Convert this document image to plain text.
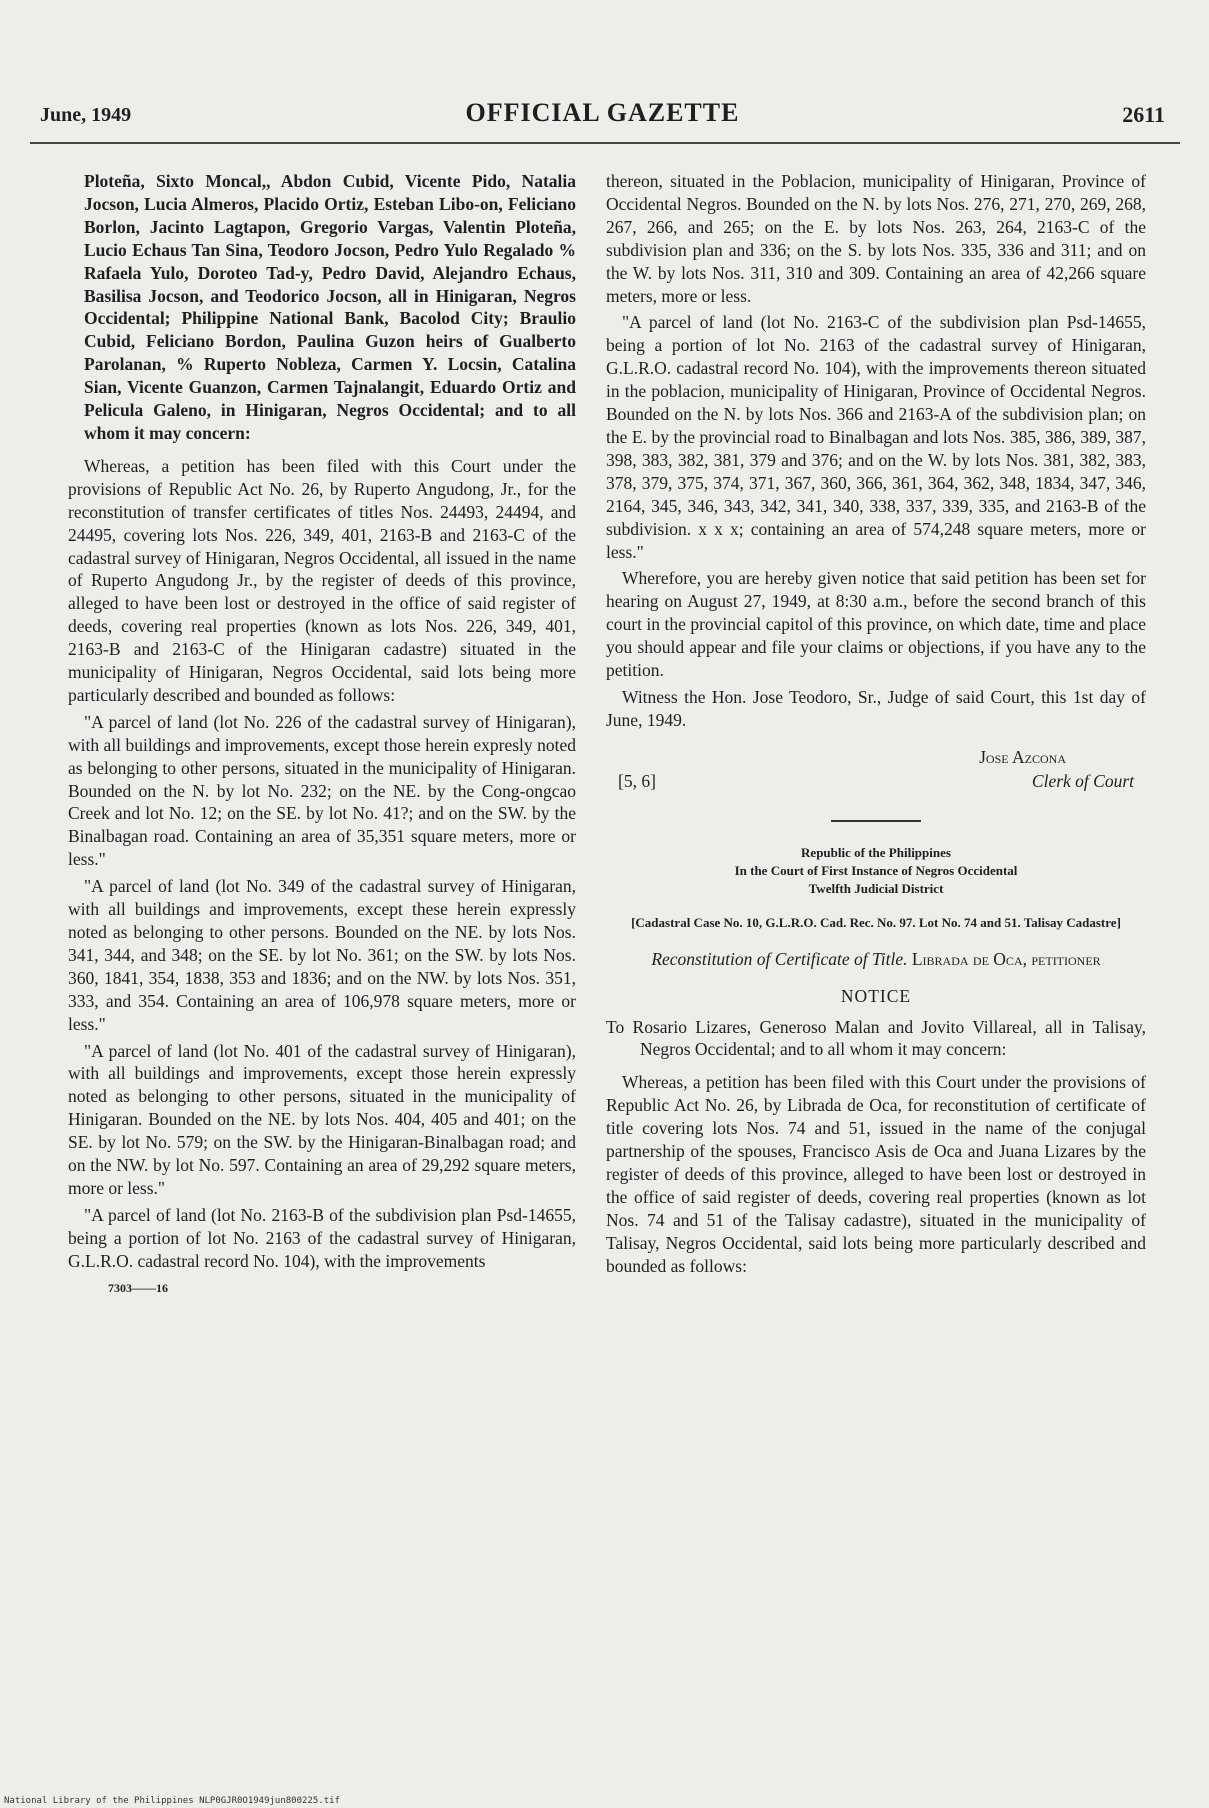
June, 1949	OFFICIAL GAZETTE	2611

Ploteña, Sixto Moncal,, Abdon Cubid, Vicente Pido, Natalia Jocson, Lucia Almeros, Placido Ortiz, Esteban Libo-on, Feliciano Borlon, Jacinto Lagtapon, Gregorio Vargas, Valentin Ploteña, Lucio Echaus Tan Sina, Teodoro Jocson, Pedro Yulo Regalado % Rafaela Yulo, Doroteo Tad-y, Pedro David, Alejandro Echaus, Basilisa Jocson, and Teodorico Jocson, all in Hinigaran, Negros Occidental; Philippine National Bank, Bacolod City; Braulio Cubid, Feliciano Bordon, Paulina Guzon heirs of Gualberto Parolanan, % Ruperto Nobleza, Carmen Y. Locsin, Catalina Sian, Vicente Guanzon, Carmen Tajnalangit, Eduardo Ortiz and Pelicula Galeno, in Hinigaran, Negros Occidental; and to all whom it may concern:

Whereas, a petition has been filed with this Court under the provisions of Republic Act No. 26, by Ruperto Angudong, Jr., for the reconstitution of transfer certificates of titles Nos. 24493, 24494, and 24495, covering lots Nos. 226, 349, 401, 2163-B and 2163-C of the cadastral survey of Hinigaran, Negros Occidental, all issued in the name of Ruperto Angudong Jr., by the register of deeds of this province, alleged to have been lost or destroyed in the office of said register of deeds, covering real properties (known as lots Nos. 226, 349, 401, 2163-B and 2163-C of the Hinigaran cadastre) situated in the municipality of Hinigaran, Negros Occidental, said lots being more particularly described and bounded as follows:

"A parcel of land (lot No. 226 of the cadastral survey of Hinigaran), with all buildings and improvements, except those herein expresly noted as belonging to other persons, situated in the municipality of Hinigaran. Bounded on the N. by lot No. 232; on the NE. by the Cong-ongcao Creek and lot No. 12; on the SE. by lot No. 41?; and on the SW. by the Binalbagan road. Containing an area of 35,351 square meters, more or less."

"A parcel of land (lot No. 349 of the cadastral survey of Hinigaran, with all buildings and improvements, except these herein expressly noted as belonging to other persons. Bounded on the NE. by lots Nos. 341, 344, and 348; on the SE. by lot No. 361; on the SW. by lots Nos. 360, 1841, 354, 1838, 353 and 1836; and on the NW. by lots Nos. 351, 333, and 354. Containing an area of 106,978 square meters, more or less."

"A parcel of land (lot No. 401 of the cadastral survey of Hinigaran), with all buildings and improvements, except those herein expressly noted as belonging to other persons, situated in the municipality of Hinigaran. Bounded on the NE. by lots Nos. 404, 405 and 401; on the SE. by lot No. 579; on the SW. by the Hinigaran-Binalbagan road; and on the NW. by lot No. 597. Containing an area of 29,292 square meters, more or less."

"A parcel of land (lot No. 2163-B of the subdivision plan Psd-14655, being a portion of lot No. 2163 of the cadastral survey of Hinigaran, G.L.R.O. cadastral record No. 104), with the improvements

7303——16

thereon, situated in the Poblacion, municipality of Hinigaran, Province of Occidental Negros. Bounded on the N. by lots Nos. 276, 271, 270, 269, 268, 267, 266, and 265; on the E. by lots Nos. 263, 264, 2163-C of the subdivision plan and 336; on the S. by lots Nos. 335, 336 and 311; and on the W. by lots Nos. 311, 310 and 309. Containing an area of 42,266 square meters, more or less.

"A parcel of land (lot No. 2163-C of the subdivision plan Psd-14655, being a portion of lot No. 2163 of the cadastral survey of Hinigaran, G.L.R.O. cadastral record No. 104), with the improvements thereon situated in the poblacion, municipality of Hinigaran, Province of Occidental Negros. Bounded on the N. by lots Nos. 366 and 2163-A of the subdivision plan; on the E. by the provincial road to Binalbagan and lots Nos. 385, 386, 389, 387, 398, 383, 382, 381, 379 and 376; and on the W. by lots Nos. 381, 382, 383, 378, 379, 375, 374, 371, 367, 360, 366, 361, 364, 362, 348, 1834, 347, 346, 2164, 345, 346, 343, 342, 341, 340, 338, 337, 339, 335, and 2163-B of the subdivision. x x x; containing an area of 574,248 square meters, more or less."

Wherefore, you are hereby given notice that said petition has been set for hearing on August 27, 1949, at 8:30 a.m., before the second branch of this court in the provincial capitol of this province, on which date, time and place you should appear and file your claims or objections, if you have any to the petition.

Witness the Hon. Jose Teodoro, Sr., Judge of said Court, this 1st day of June, 1949.

Jose Azcona
[5, 6]	Clerk of Court
Republic of the Philippines
In the Court of First Instance of Negros Occidental
Twelfth Judicial District
[Cadastral Case No. 10, G.L.R.O. Cad. Rec. No. 97. Lot No. 74 and 51. Talisay Cadastre]
Reconstitution of Certificate of Title. Librada de Oca, petitioner
NOTICE

To Rosario Lizares, Generoso Malan and Jovito Villareal, all in Talisay, Negros Occidental; and to all whom it may concern:

Whereas, a petition has been filed with this Court under the provisions of Republic Act No. 26, by Librada de Oca, for reconstitution of certificate of title covering lots Nos. 74 and 51, issued in the name of the conjugal partnership of the spouses, Francisco Asis de Oca and Juana Lizares by the register of deeds of this province, alleged to have been lost or destroyed in the office of said register of deeds, covering real properties (known as lot Nos. 74 and 51 of the Talisay cadastre), situated in the municipality of Talisay, Negros Occidental, said lots being more particularly described and bounded as follows:

National Library of the Philippines NLP0GJR0O1949jun800225.tif
